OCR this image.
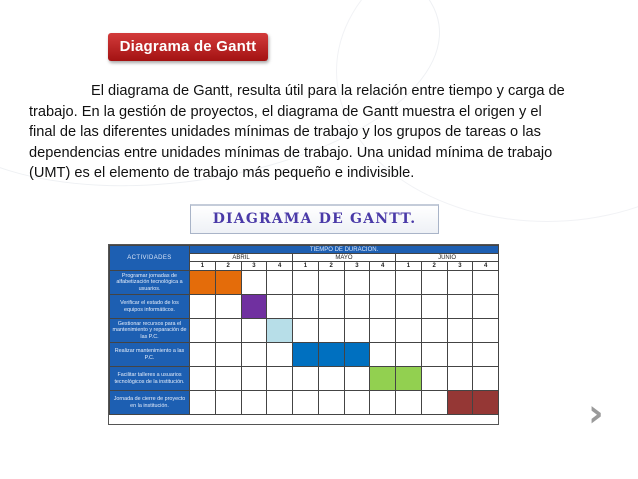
Diagrama de Gantt

El diagrama de Gantt, resulta útil para la relación entre tiempo y carga de
trabajo. En la gestión de proyectos, el diagrama de Gantt muestra el origen y el
final de las diferentes unidades mínimas de trabajo y los grupos de tareas o las
dependencias entre unidades mínimas de trabajo. Una unidad mínima de trabajo
(UMT) es el elemento de trabajo más pequeño e indivisible.

DIAGRAMA DE GANTT.
ACTIVIDADES	TIEMPO DE DURACION.											
	ABRIL				MAYO				JUNIO			
	1	2	3	4	1	2	3	4	1	2	3	4
Programar jornadas de alfabetización tecnológica a usuarios.												
Verificar el estado de los equipos informáticos.												
Gestionar recursos para el mantenimiento y reparación de las P.C.												
Realizar mantenimiento a las P.C.												
Facilitar talleres a usuarios tecnológicos de la institución.												
Jornada de cierre de proyecto en la institución.													›
